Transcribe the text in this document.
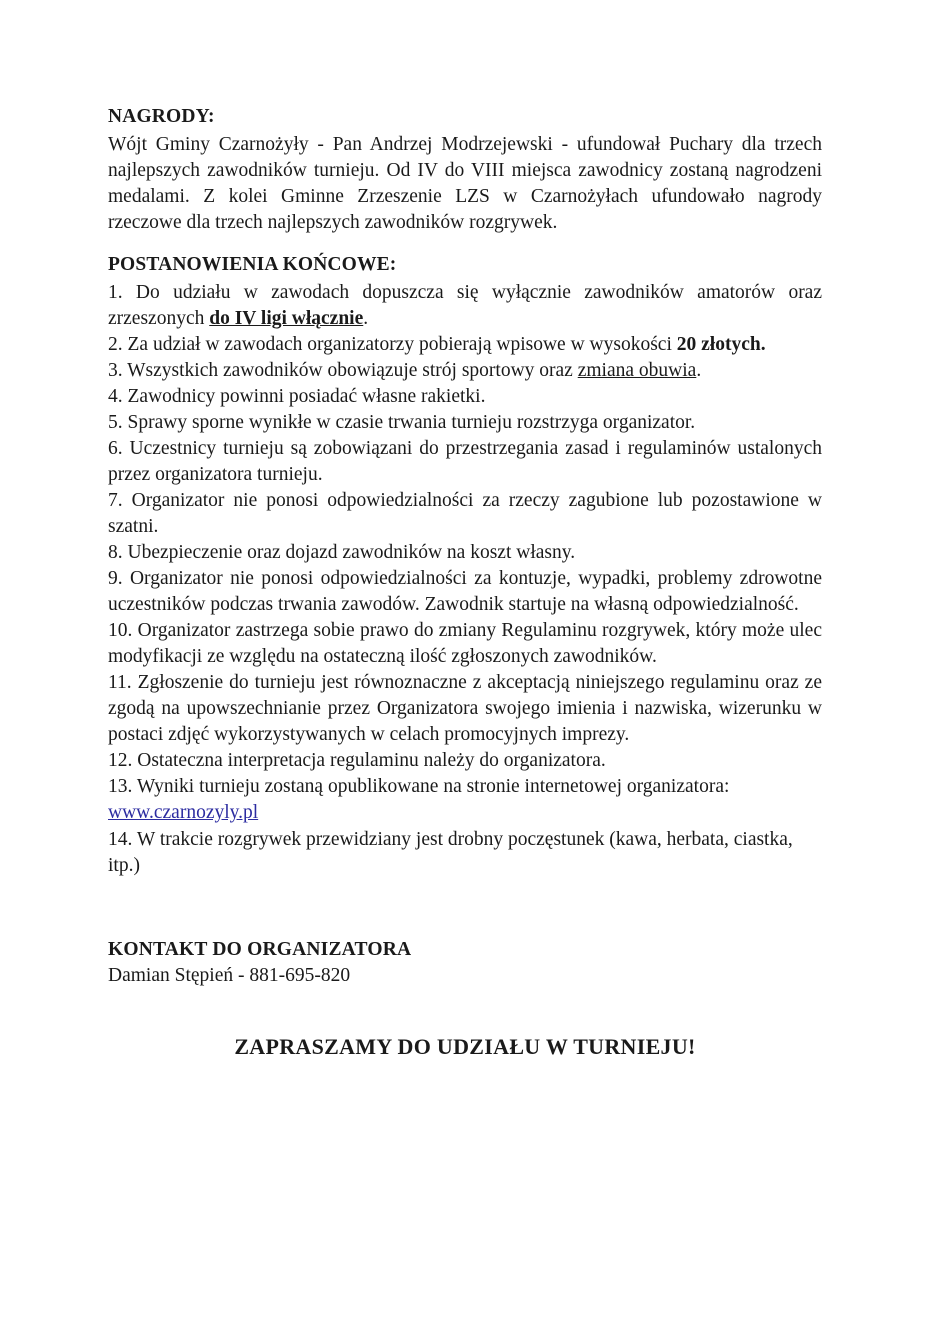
NAGRODY:

Wójt Gminy Czarnożyły - Pan Andrzej Modrzejewski - ufundował Puchary dla trzech najlepszych zawodników turnieju. Od IV do VIII miejsca zawodnicy zostaną nagrodzeni medalami. Z kolei Gminne Zrzeszenie LZS w Czarnożyłach ufundowało nagrody rzeczowe dla trzech najlepszych zawodników rozgrywek.

POSTANOWIENIA KOŃCOWE:

1. Do udziału w zawodach dopuszcza się wyłącznie zawodników amatorów oraz zrzeszonych do IV ligi włącznie.

2. Za udział w zawodach organizatorzy pobierają wpisowe w wysokości 20 złotych.

3. Wszystkich zawodników obowiązuje strój sportowy oraz zmiana obuwia.

4. Zawodnicy powinni posiadać własne rakietki.

5. Sprawy sporne wynikłe w czasie trwania turnieju rozstrzyga organizator.

6. Uczestnicy turnieju są zobowiązani do przestrzegania zasad i regulaminów ustalonych przez organizatora turnieju.

7. Organizator nie ponosi odpowiedzialności za rzeczy zagubione lub pozostawione w szatni.

8. Ubezpieczenie oraz dojazd zawodników na koszt własny.

9. Organizator nie ponosi odpowiedzialności za kontuzje, wypadki, problemy zdrowotne uczestników podczas trwania zawodów. Zawodnik startuje na własną odpowiedzialność.

10. Organizator zastrzega sobie prawo do zmiany Regulaminu rozgrywek, który może ulec modyfikacji ze względu na ostateczną ilość zgłoszonych zawodników.

11. Zgłoszenie do turnieju jest równoznaczne z akceptacją niniejszego regulaminu oraz ze zgodą na upowszechnianie przez Organizatora swojego imienia i nazwiska, wizerunku w postaci zdjęć wykorzystywanych w celach promocyjnych imprezy.

12. Ostateczna interpretacja regulaminu należy do organizatora.

13. Wyniki turnieju zostaną opublikowane na stronie internetowej organizatora:

www.czarnozyly.pl

14. W trakcie rozgrywek przewidziany jest drobny poczęstunek (kawa, herbata, ciastka, itp.)

KONTAKT DO ORGANIZATORA

Damian Stępień - 881-695-820

ZAPRASZAMY DO UDZIAŁU W TURNIEJU!
